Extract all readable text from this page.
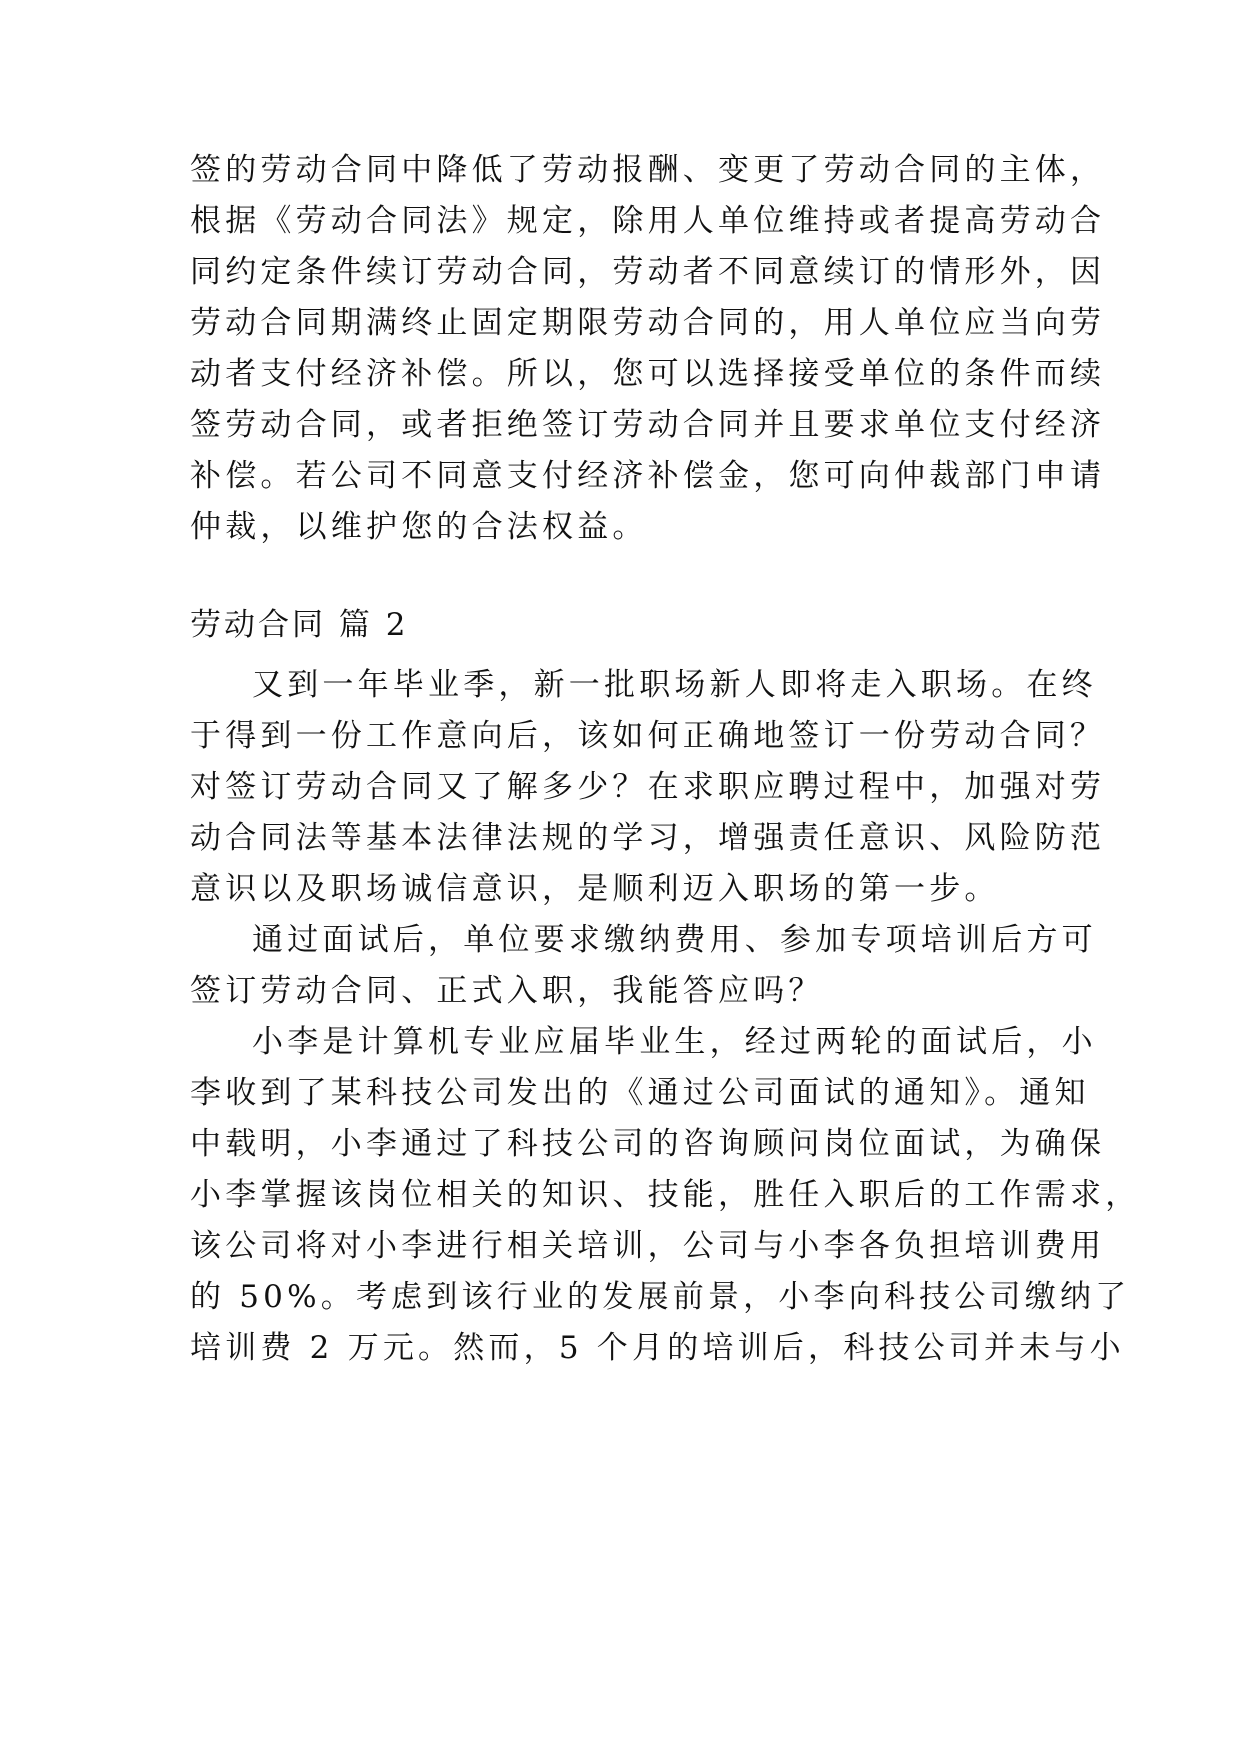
签的劳动合同中降低了劳动报酬、变更了劳动合同的主体，
根据《劳动合同法》规定，除用人单位维持或者提高劳动合
同约定条件续订劳动合同，劳动者不同意续订的情形外，因
劳动合同期满终止固定期限劳动合同的，用人单位应当向劳
动者支付经济补偿。所以，您可以选择接受单位的条件而续
签劳动合同，或者拒绝签订劳动合同并且要求单位支付经济
补偿。若公司不同意支付经济补偿金，您可向仲裁部门申请
仲裁，以维护您的合法权益。
劳动合同 篇 2
又到一年毕业季，新一批职场新人即将走入职场。在终
于得到一份工作意向后，该如何正确地签订一份劳动合同？
对签订劳动合同又了解多少？在求职应聘过程中，加强对劳
动合同法等基本法律法规的学习，增强责任意识、风险防范
意识以及职场诚信意识，是顺利迈入职场的第一步。
通过面试后，单位要求缴纳费用、参加专项培训后方可
签订劳动合同、正式入职，我能答应吗？
小李是计算机专业应届毕业生，经过两轮的面试后，小
李收到了某科技公司发出的《通过公司面试的通知》。通知
中载明，小李通过了科技公司的咨询顾问岗位面试，为确保
小李掌握该岗位相关的知识、技能，胜任入职后的工作需求，
该公司将对小李进行相关培训，公司与小李各负担培训费用
的 50%。考虑到该行业的发展前景，小李向科技公司缴纳了
培训费 2 万元。然而，5 个月的培训后，科技公司并未与小
